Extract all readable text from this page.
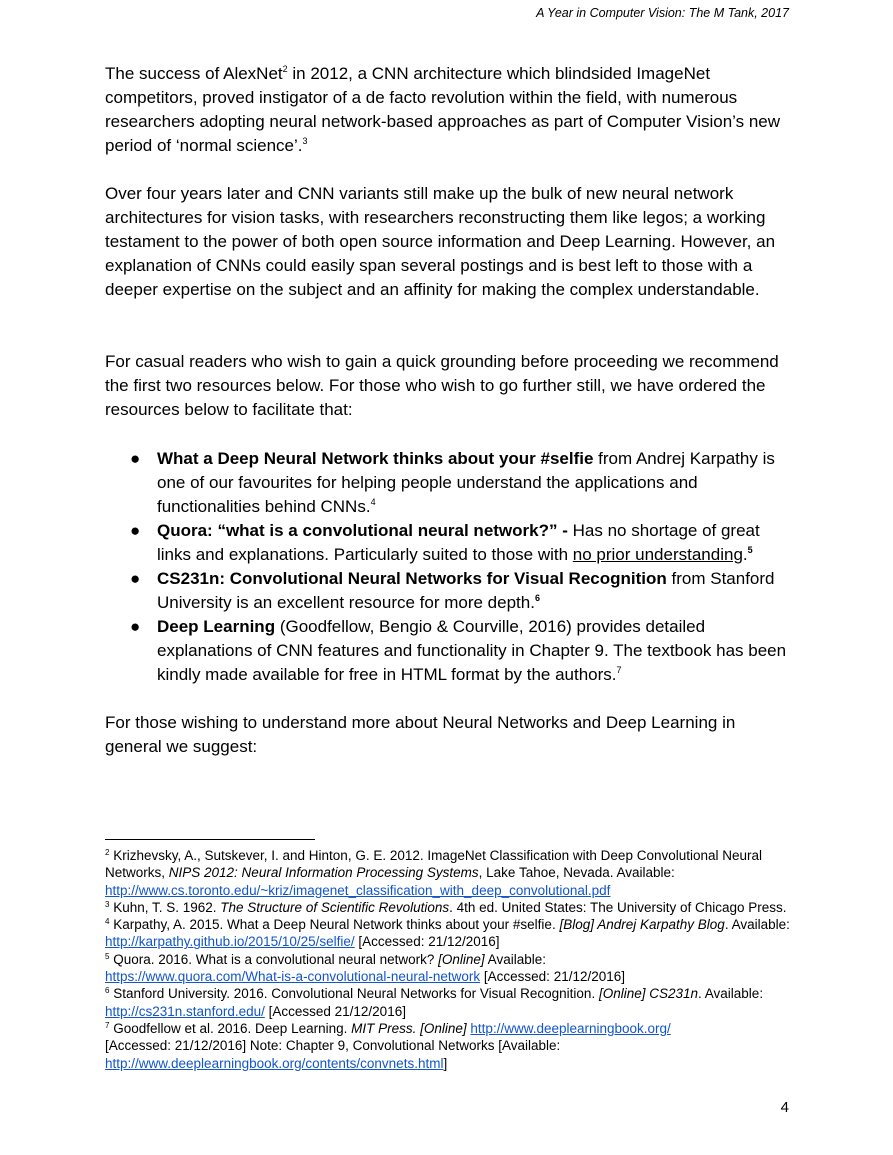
A Year in Computer Vision: The M Tank, 2017

The success of AlexNet$^2$ in 2012, a CNN architecture which blindsided ImageNet competitors, proved instigator of a de facto revolution within the field, with numerous researchers adopting neural network-based approaches as part of Computer Vision’s new period of ‘normal science’.$^3$

Over four years later and CNN variants still make up the bulk of new neural network architectures for vision tasks, with researchers reconstructing them like legos; a working testament to the power of both open source information and Deep Learning. However, an explanation of CNNs could easily span several postings and is best left to those with a deeper expertise on the subject and an affinity for making the complex understandable.

For casual readers who wish to gain a quick grounding before proceeding we recommend the first two resources below. For those who wish to go further still, we have ordered the resources below to facilitate that:

● What a Deep Neural Network thinks about your #selfie from Andrej Karpathy is one of our favourites for helping people understand the applications and functionalities behind CNNs.$^4$
● Quora: “what is a convolutional neural network?” - Has no shortage of great links and explanations. Particularly suited to those with no prior understanding.$^5$
● CS231n: Convolutional Neural Networks for Visual Recognition from Stanford University is an excellent resource for more depth.$^6$
● Deep Learning (Goodfellow, Bengio & Courville, 2016) provides detailed explanations of CNN features and functionality in Chapter 9. The textbook has been kindly made available for free in HTML format by the authors.$^7$

For those wishing to understand more about Neural Networks and Deep Learning in general we suggest:

$^2$ Krizhevsky, A., Sutskever, I. and Hinton, G. E. 2012. ImageNet Classification with Deep Convolutional Neural Networks, NIPS 2012: Neural Information Processing Systems, Lake Tahoe, Nevada. Available: http://www.cs.toronto.edu/~kriz/imagenet_classification_with_deep_convolutional.pdf

$^3$ Kuhn, T. S. 1962. The Structure of Scientific Revolutions. 4th ed. United States: The University of Chicago Press.

$^4$ Karpathy, A. 2015. What a Deep Neural Network thinks about your #selfie. [Blog] Andrej Karpathy Blog. Available: http://karpathy.github.io/2015/10/25/selfie/ [Accessed: 21/12/2016]

$^5$ Quora. 2016. What is a convolutional neural network? [Online] Available:
https://www.quora.com/What-is-a-convolutional-neural-network [Accessed: 21/12/2016]

$^6$ Stanford University. 2016. Convolutional Neural Networks for Visual Recognition. [Online] CS231n. Available: http://cs231n.stanford.edu/ [Accessed 21/12/2016]

$^7$ Goodfellow et al. 2016. Deep Learning. MIT Press. [Online] http://www.deeplearningbook.org/
[Accessed: 21/12/2016] Note: Chapter 9, Convolutional Networks [Available:
http://www.deeplearningbook.org/contents/convnets.html]

4
